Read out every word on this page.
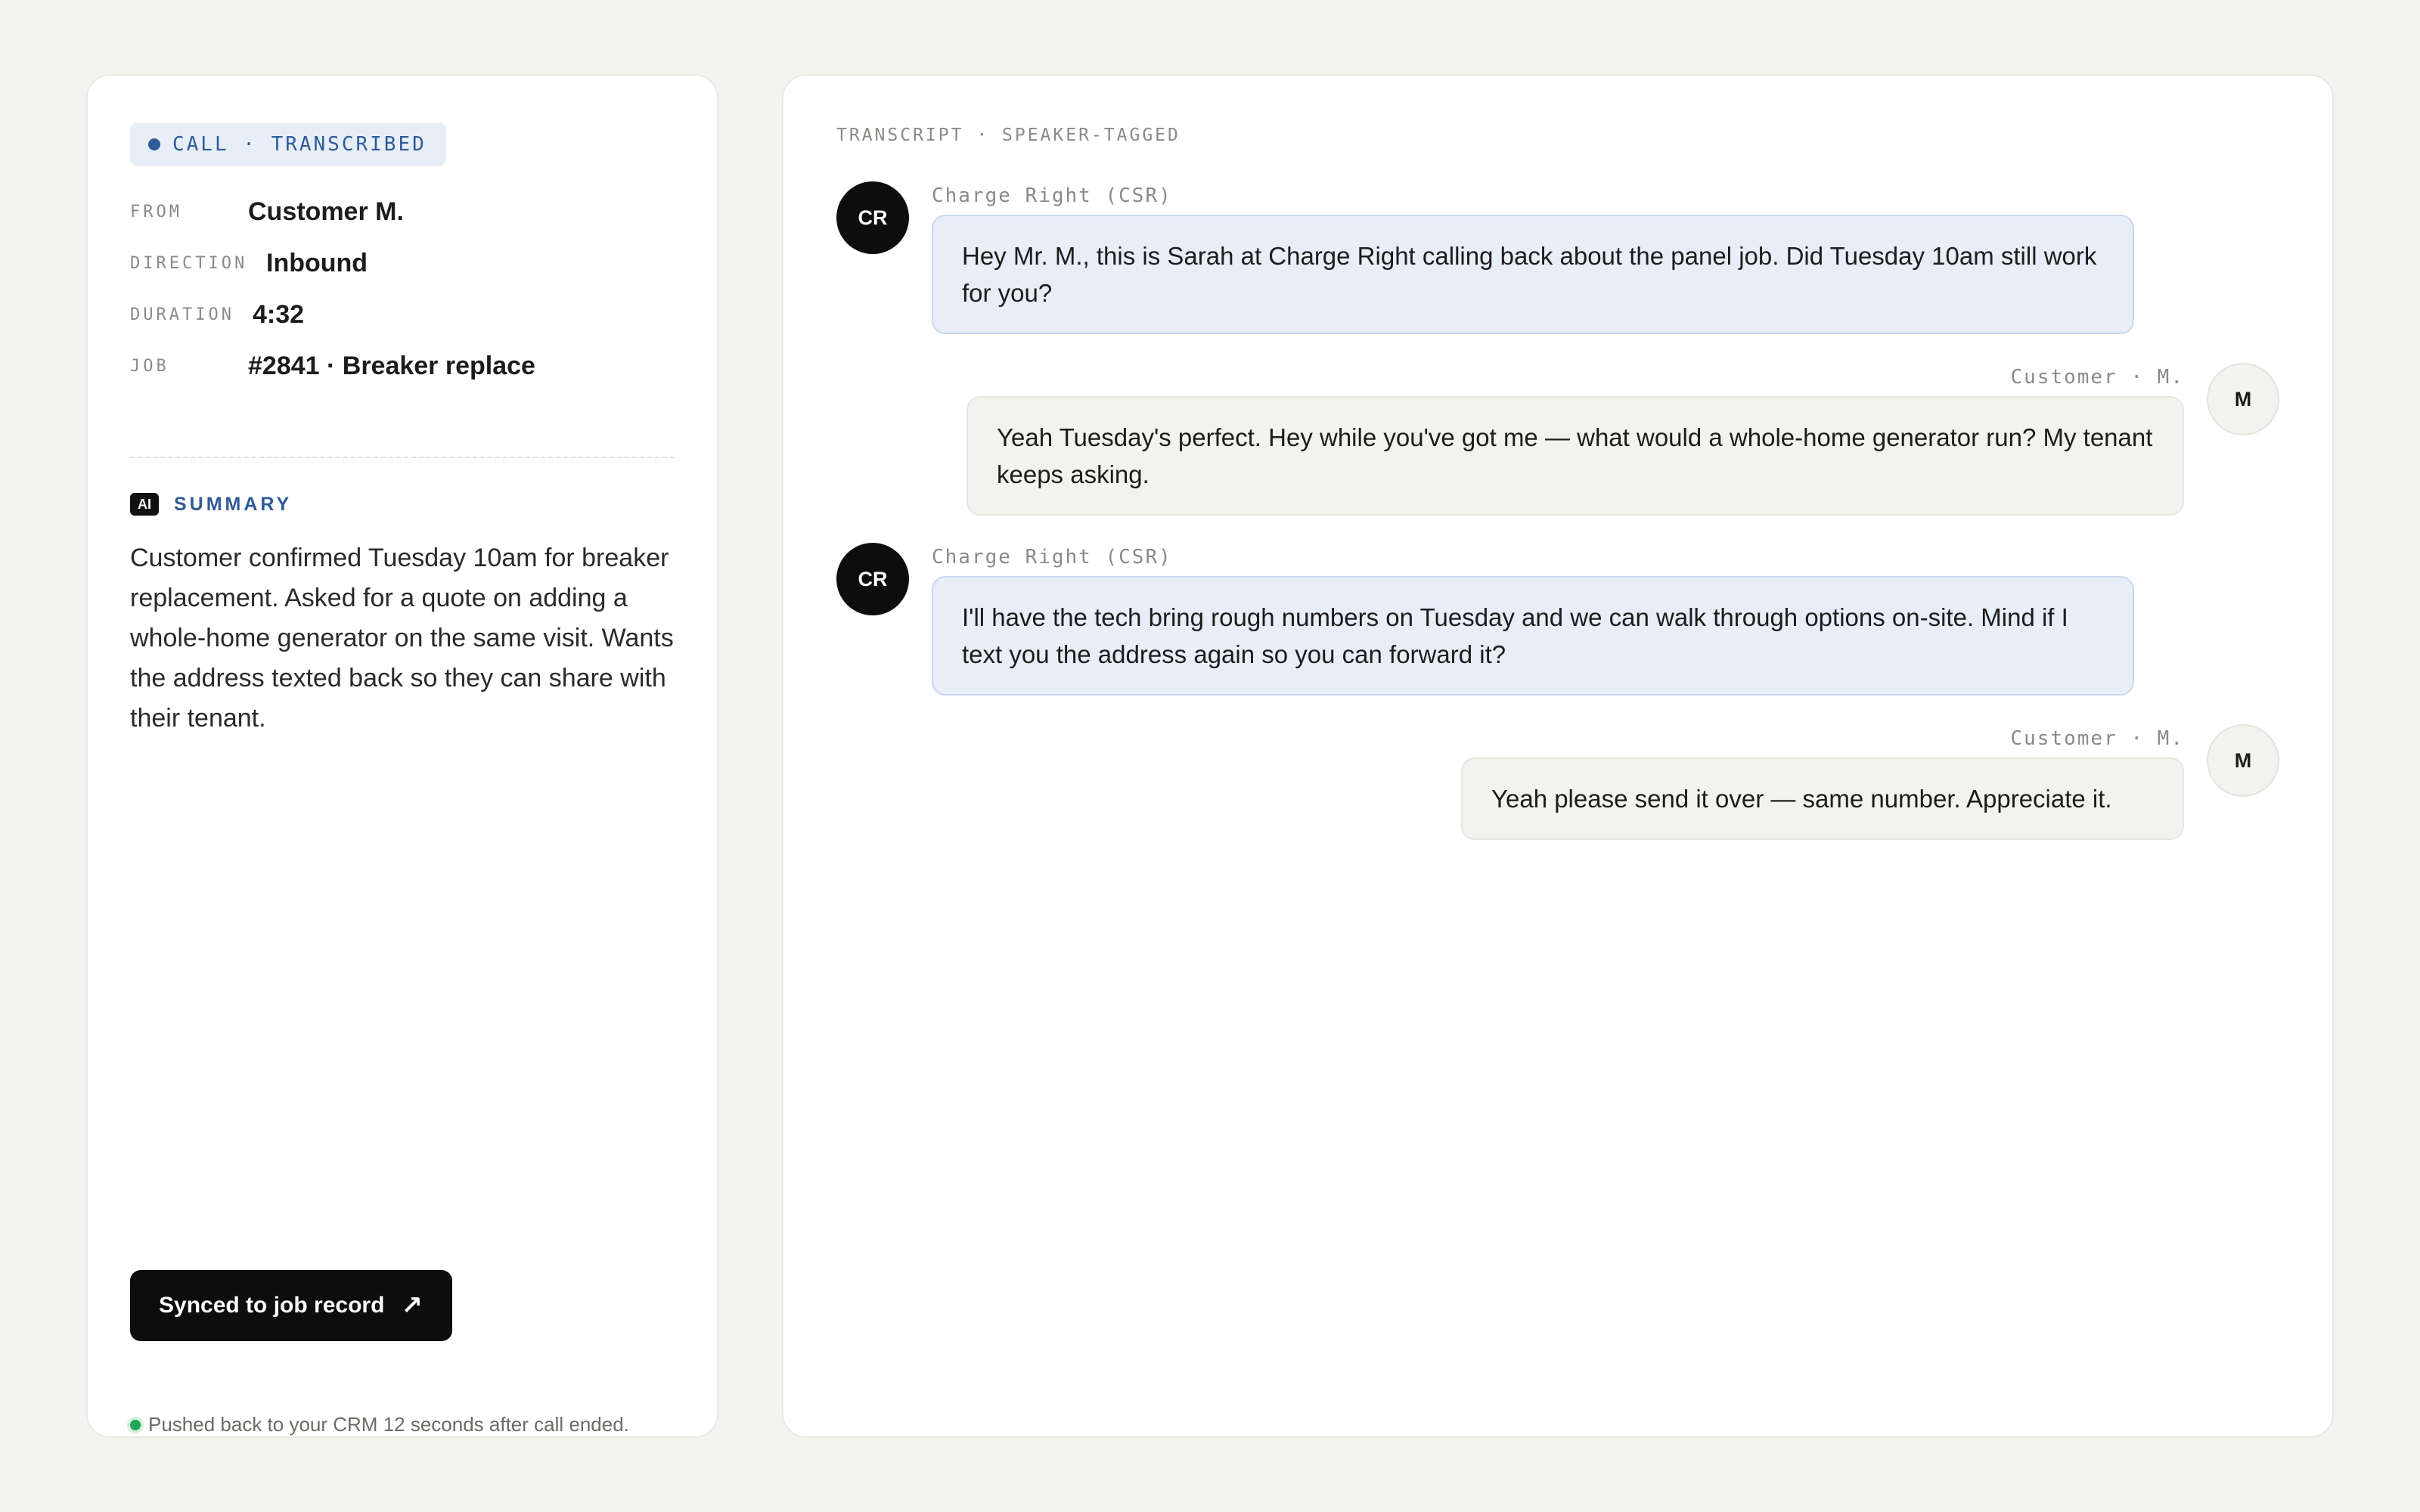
CALL · TRANSCRIBED
FROM	Customer M.
DIRECTION Inbound
DURATION 4:32
JOB	#2841 · Breaker replace
AI	SUMMARY
Customer confirmed Tuesday 10am for breaker replacement. Asked for a quote on adding a whole-home generator on the same visit. Wants the address texted back so they can share with their tenant.
Synced to job record ↗
Pushed back to your CRM 12 seconds after call ended.
TRANSCRIPT · SPEAKER-TAGGED
CR
Charge Right (CSR)
Hey Mr. M., this is Sarah at Charge Right calling back about the panel job. Did Tuesday 10am still work for you?
Customer · M.
M
Yeah Tuesday's perfect. Hey while you've got me — what would a whole-home generator run? My tenant keeps asking.
CR
Charge Right (CSR)
I'll have the tech bring rough numbers on Tuesday and we can walk through options on-site. Mind if I text you the address again so you can forward it?
Customer · M.
M
Yeah please send it over — same number. Appreciate it.
